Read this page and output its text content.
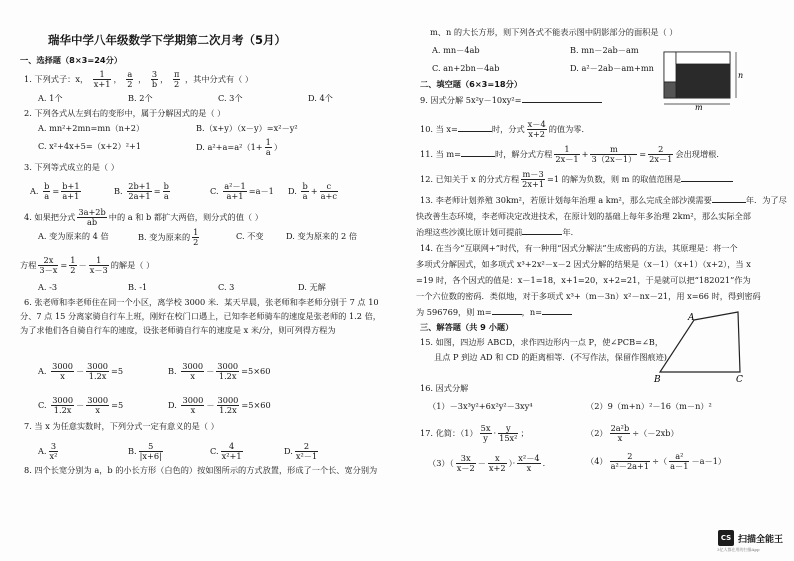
瑞华中学八年级数学下学期第二次月考（5月）
一、选择题（8×3=24分）
1. 下列式子：x， $\frac{1}{x+1}$ ， $\frac{a}{2}$ ， $\frac{3}{b}$ ， $\frac{\pi}{2}$ ，其中分式有（ ）
A. 1个	B. 2个	C. 3个	D. 4个
2. 下列各式从左到右的变形中，属于分解因式的是（ ）
A. mn²+2mn=mn（n+2）	B.（x+y）（x－y）=x²－y²
C. x²+4x+5=（x+2）²+1	D. $a^2+a=a^2(1+ \frac{1}{a}$ ）
3. 下列等式成立的是（ ）
A. $\frac{b}{a} = \frac{b+1}{a+1}$	B. $\frac{2b+1}{2a+1} = \frac{b}{a}$	C. $\frac{\text{a²－1}}{a+1} =a-1$ D. $\frac{b}{a} + \frac{c}{a+c}$
4. 如果把分式 $\frac{3a+2b}{ab}$ 中的 a 和 b 都扩大两倍，则分式的值（ ）
A. 变为原来的 4 倍	B. 变为原来的 $\frac{1}{2}$	C. 不变	D. 变为原来的 2 倍
方程 $\frac{2x}{3-x} = \frac{1}{2} - \frac{1}{x-3}$ 的解是（ ）
A. -3	B. -1	C. 3	D. 无解
6. 张老师和李老师住在同一个小区，离学校 3000 米．某天早晨，张老师和李老师分别于 7 点 10
分、7 点 15 分离家骑自行车上班，刚好在校门口遇上，已知李老师骑车的速度是张老师的 1.2 倍，
为了求他们各自骑自行车的速度，设张老师骑自行车的速度是 x 米/分，则可列得方程为
A. $\frac{3000}{x} - \frac{3000}{1.2x} =5$	B. $\frac{3000}{x} - \frac{3000}{1.2x} =5\times 60$
C. $\frac{3000}{1.2x} - \frac{3000}{x} =5$	D. $\frac{3000}{x} - \frac{3000}{1.2x} =5\times 60$
7. 当 x 为任意实数时，下列分式一定有意义的是（ ）
A. $\frac{3}{\text{x²}}$	B. $\frac{5}{|x+6|}$	C. $\frac{4}{\text{x²+1}}$	D. $\frac{2}{\text{x²－1}}$
8. 四个长宽分别为 a，b 的小长方形（白色的）按如图所示的方式放置，形成了一个长、宽分别为
m、n 的大长方形，则下列各式不能表示图中阴影部分的面积是（ ）
A. mn－4ab	B. mn－2ab－am
C. an+2bn－4ab	D. a²－2ab－am+mn
二、填空题（6×3=18分）
9. 因式分解 5x²y－10xy²=
10. 当 x=	时，分式 $\frac{x-4}{x+2}$ 的值为零．
11. 当 m=	时，解分式方程 $\frac{1}{2x-1} + \frac{m}{3(2x-1)} = \frac{2}{2x-1}$ 会出现增根．
12. 已知关于 x 的分式方程 $\frac{m-3}{2x+1} =1$ 的解为负数，则 m 的取值范围是
13. 李老师计划养殖 30km²，若原计划每年治理 a km²，那么完成全部沙漠需要	年．为了尽
快改善生态环境，李老师决定改进技术，在原计划的基础上每年多治理 2km²，那么实际全部
治理这些沙漠比原计划可提前	年．
14. 在当今“互联网+”时代，有一种用“因式分解法”生成密码的方法，其原理是：将一个
多项式分解因式，如多项式 x³+2x²－x－2 因式分解的结果是（x－1）（x+1）（x+2），当 x
=19 时，各个因式的值是：x－1=18，x+1=20，x+2=21，于是就可以把“182021”作为
一个六位数的密码．类似地，对于多项式 x³+（m－3n）x²－nx－21，用 x=66 时，得到密码
为 596769，则 m=	，n=
三、解答题（共 9 小题）
15. 如图，四边形 ABCD，求作四边形内一点 P，使∠PCB=∠B，
且点 P 到边 AD 和 CD 的距离相等．(不写作法，保留作图痕迹)
16. 因式分解
（1）－3x³y²+6x²y²－3xy⁴	（2）9（m+n）²－16（m－n）²
17. 化简：$(1) \frac{5x}{y} \cdot \frac{y}{\text{15x²}}$ ；	$(2) \frac{\text{2a²b}}{x} \div(-2xb)$
$(3)( \frac{3x}{x-2} - \frac{x}{x+2}$ ）· $\frac{\text{x²－4}}{x}$ ．	$(4) \frac{2}{\text{a²－2a+1}}$ ÷（ $\frac{\text{a²}}{a-1} -a-1$）
m
n
A
B	C
CS 扫描全能王
3亿人都在用的扫描App
